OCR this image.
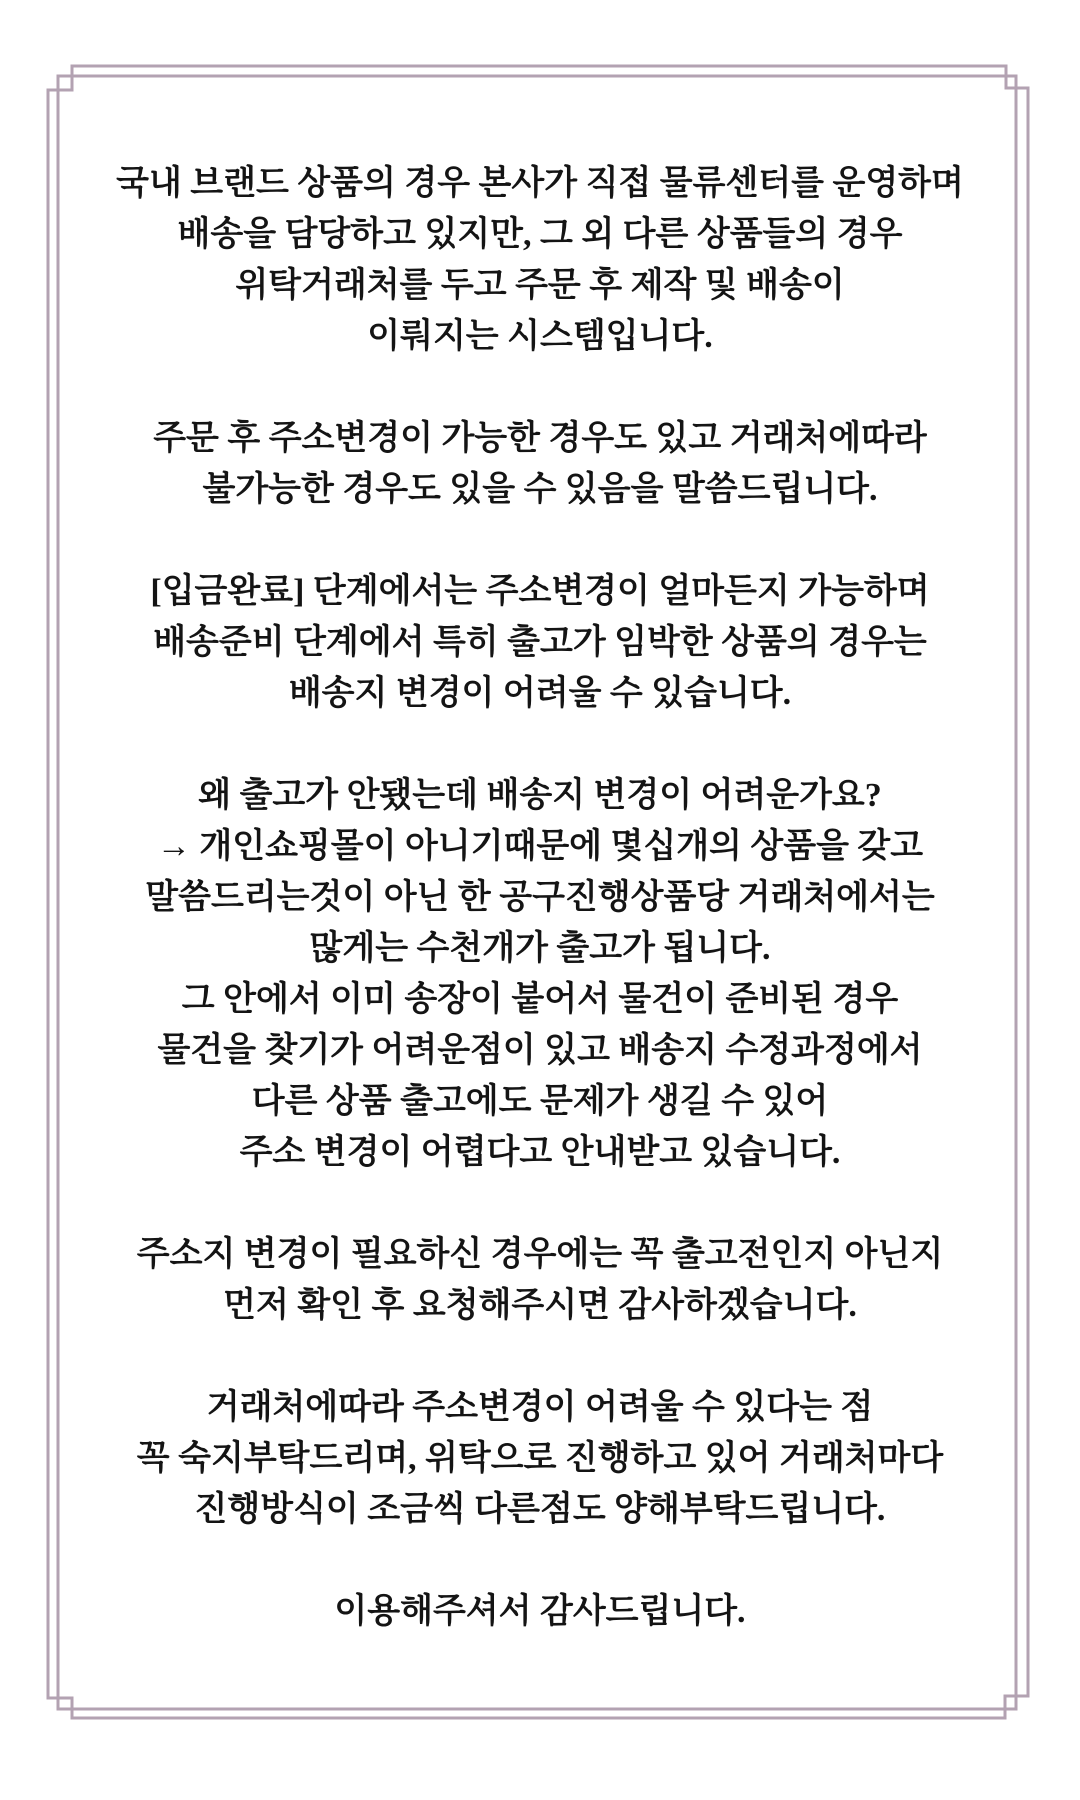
국내 브랜드 상품의 경우 본사가 직접 물류센터를 운영하며

배송을 담당하고 있지만, 그 외 다른 상품들의 경우

위탁거래처를 두고 주문 후 제작 및 배송이

이뤄지는 시스템입니다.

주문 후 주소변경이 가능한 경우도 있고 거래처에따라

불가능한 경우도 있을 수 있음을 말씀드립니다.

[입금완료] 단계에서는 주소변경이 얼마든지 가능하며

배송준비 단계에서 특히 출고가 임박한 상품의 경우는

배송지 변경이 어려울 수 있습니다.

왜 출고가 안됐는데 배송지 변경이 어려운가요?

→ 개인쇼핑몰이 아니기때문에 몇십개의 상품을 갖고

말씀드리는것이 아닌 한 공구진행상품당 거래처에서는

많게는 수천개가 출고가 됩니다.

그 안에서 이미 송장이 붙어서 물건이 준비된 경우

물건을 찾기가 어려운점이 있고 배송지 수정과정에서

다른 상품 출고에도 문제가 생길 수 있어

주소 변경이 어렵다고 안내받고 있습니다.

주소지 변경이 필요하신 경우에는 꼭 출고전인지 아닌지

먼저 확인 후 요청해주시면 감사하겠습니다.

거래처에따라 주소변경이 어려울 수 있다는 점

꼭 숙지부탁드리며, 위탁으로 진행하고 있어 거래처마다

진행방식이 조금씩 다른점도 양해부탁드립니다.

이용해주셔서 감사드립니다.
